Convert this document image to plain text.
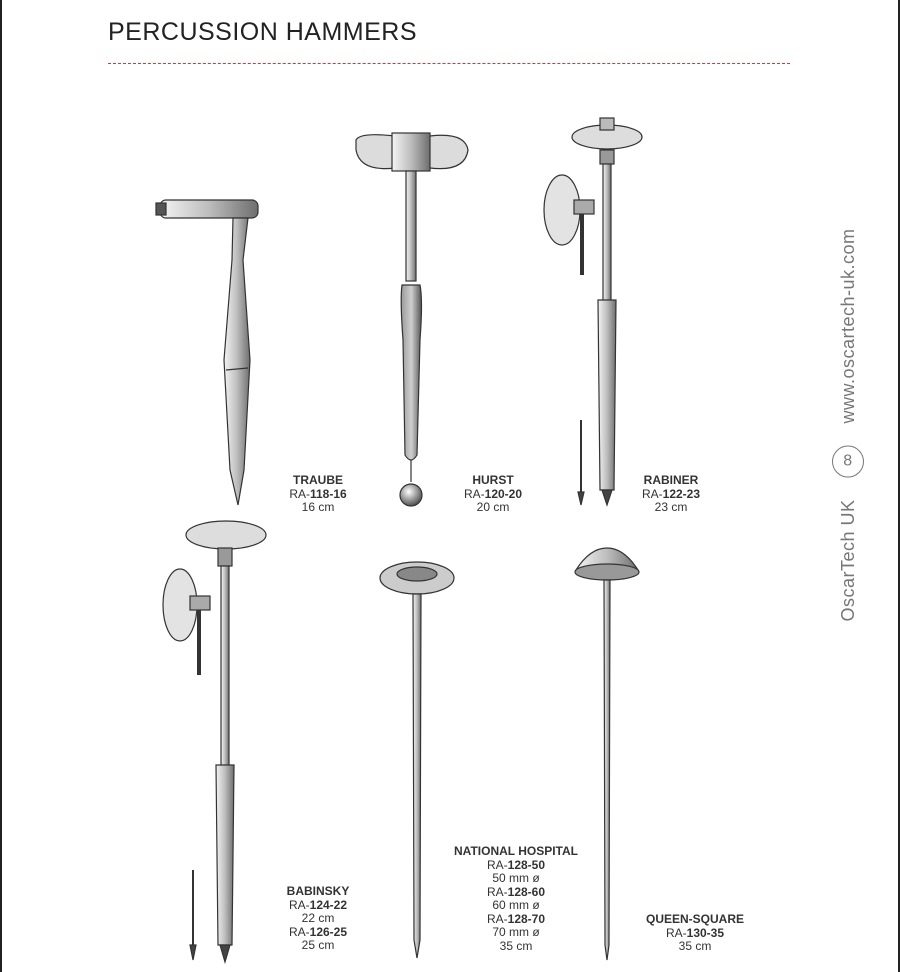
PERCUSSION HAMMERS
OscarTech UK
8
www.oscartech-uk.com
TRAUBE
RA-118-16
16 cm
HURST
RA-120-20
20 cm
RABINER
RA-122-23
23 cm
BABINSKY
RA-124-22
22 cm
RA-126-25
25 cm
NATIONAL HOSPITAL
RA-128-50
50 mm ø
RA-128-60
60 mm ø
RA-128-70
70 mm ø
35 cm
QUEEN-SQUARE
RA-130-35
35 cm
